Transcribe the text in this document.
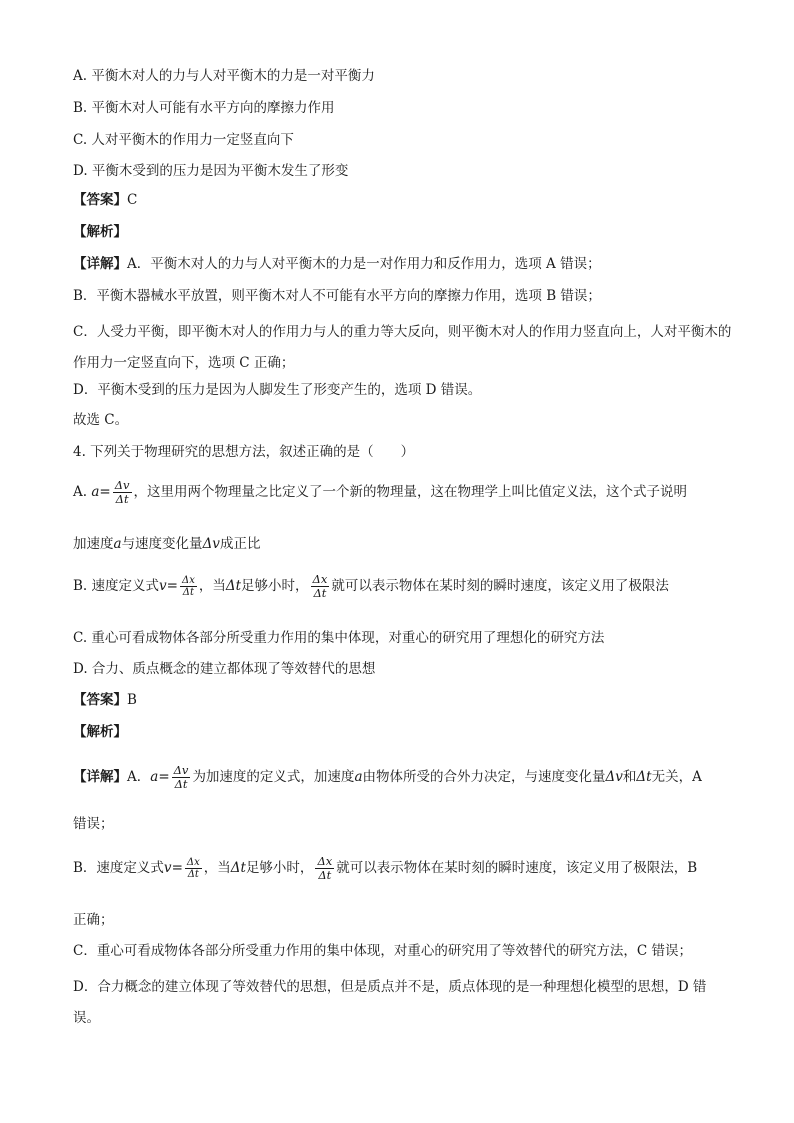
A. 平衡木对人的力与人对平衡木的力是一对平衡力
B. 平衡木对人可能有水平方向的摩擦力作用
C. 人对平衡木的作用力一定竖直向下
D. 平衡木受到的压力是因为平衡木发生了形变
【答案】C
【解析】
【详解】A．平衡木对人的力与人对平衡木的力是一对作用力和反作用力，选项 A 错误；
B．平衡木器械水平放置，则平衡木对人不可能有水平方向的摩擦力作用，选项 B 错误；
C．人受力平衡，即平衡木对人的作用力与人的重力等大反向，则平衡木对人的作用力竖直向上，人对平衡木的作用力一定竖直向下，选项 C 正确；
D．平衡木受到的压力是因为人脚发生了形变产生的，选项 D 错误。
故选 C。
4. 下列关于物理研究的思想方法，叙述正确的是（　　）
A. $a= \frac{\Delta v}{\Delta t}$ ，这里用两个物理量之比定义了一个新的物理量，这在物理学上叫比值定义法，这个式子说明
加速度a与速度变化量Δv成正比
B. 速度定义式$v= \frac{\Delta x}{\Delta t}$ ，当Δt足够小时， $\frac{\Delta x}{\Delta t}$ 就可以表示物体在某时刻的瞬时速度，该定义用了极限法
C. 重心可看成物体各部分所受重力作用的集中体现，对重心的研究用了理想化的研究方法
D. 合力、质点概念的建立都体现了等效替代的思想
【答案】B
【解析】
【详解】A．$a= \frac{\Delta v}{\Delta t}$ 为加速度的定义式，加速度a由物体所受的合外力决定，与速度变化量Δv和Δt无关，A
错误；
B．速度定义式$v= \frac{\Delta x}{\Delta t}$ ，当Δt足够小时， $\frac{\Delta x}{\Delta t}$ 就可以表示物体在某时刻的瞬时速度，该定义用了极限法，B
正确；
C．重心可看成物体各部分所受重力作用的集中体现，对重心的研究用了等效替代的研究方法，C 错误；
D．合力概念的建立体现了等效替代的思想，但是质点并不是，质点体现的是一种理想化模型的思想，D 错误。
